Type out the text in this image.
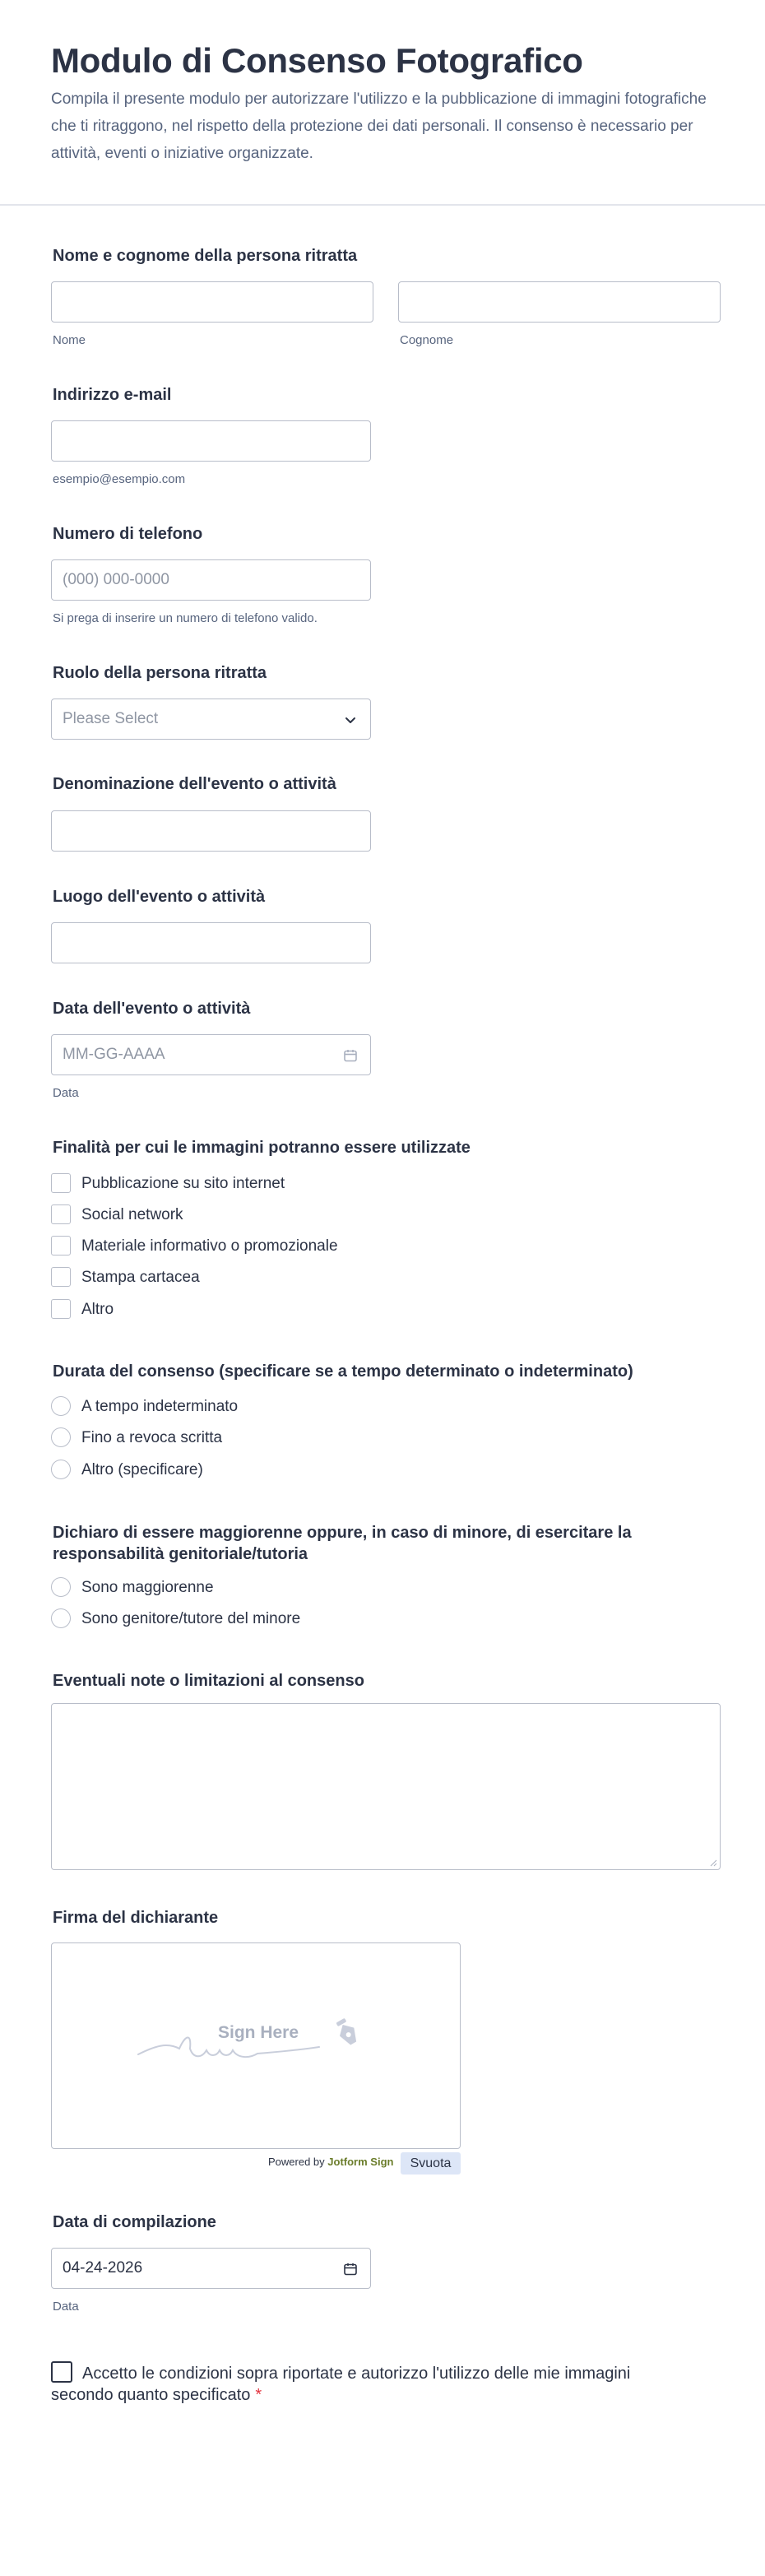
Modulo di Consenso Fotografico

Compila il presente modulo per autorizzare l'utilizzo e la pubblicazione di immagini fotografiche che ti ritraggono, nel rispetto della protezione dei dati personali. Il consenso è necessario per attività, eventi o iniziative organizzate.

Nome e cognome della persona ritratta
Nome	Cognome
Indirizzo e-mail
esempio@esempio.com
Numero di telefono
(000) 000-0000
Si prega di inserire un numero di telefono valido.
Ruolo della persona ritratta
Please Select
Denominazione dell'evento o attività
Luogo dell'evento o attività
Data dell'evento o attività
MM-GG-AAAA
Data
Finalità per cui le immagini potranno essere utilizzate
Pubblicazione su sito internet
Social network
Materiale informativo o promozionale
Stampa cartacea
Altro
Durata del consenso (specificare se a tempo determinato o indeterminato)
A tempo indeterminato
Fino a revoca scritta
Altro (specificare)
Dichiaro di essere maggiorenne oppure, in caso di minore, di esercitare la
responsabilità genitoriale/tutoria
Sono maggiorenne
Sono genitore/tutore del minore
Eventuali note o limitazioni al consenso
Firma del dichiarante
Sign Here
Powered by Jotform Sign	Svuota
Data di compilazione
04-24-2026
Data
Accetto le condizioni sopra riportate e autorizzo l'utilizzo delle mie immagini
secondo quanto specificato *
